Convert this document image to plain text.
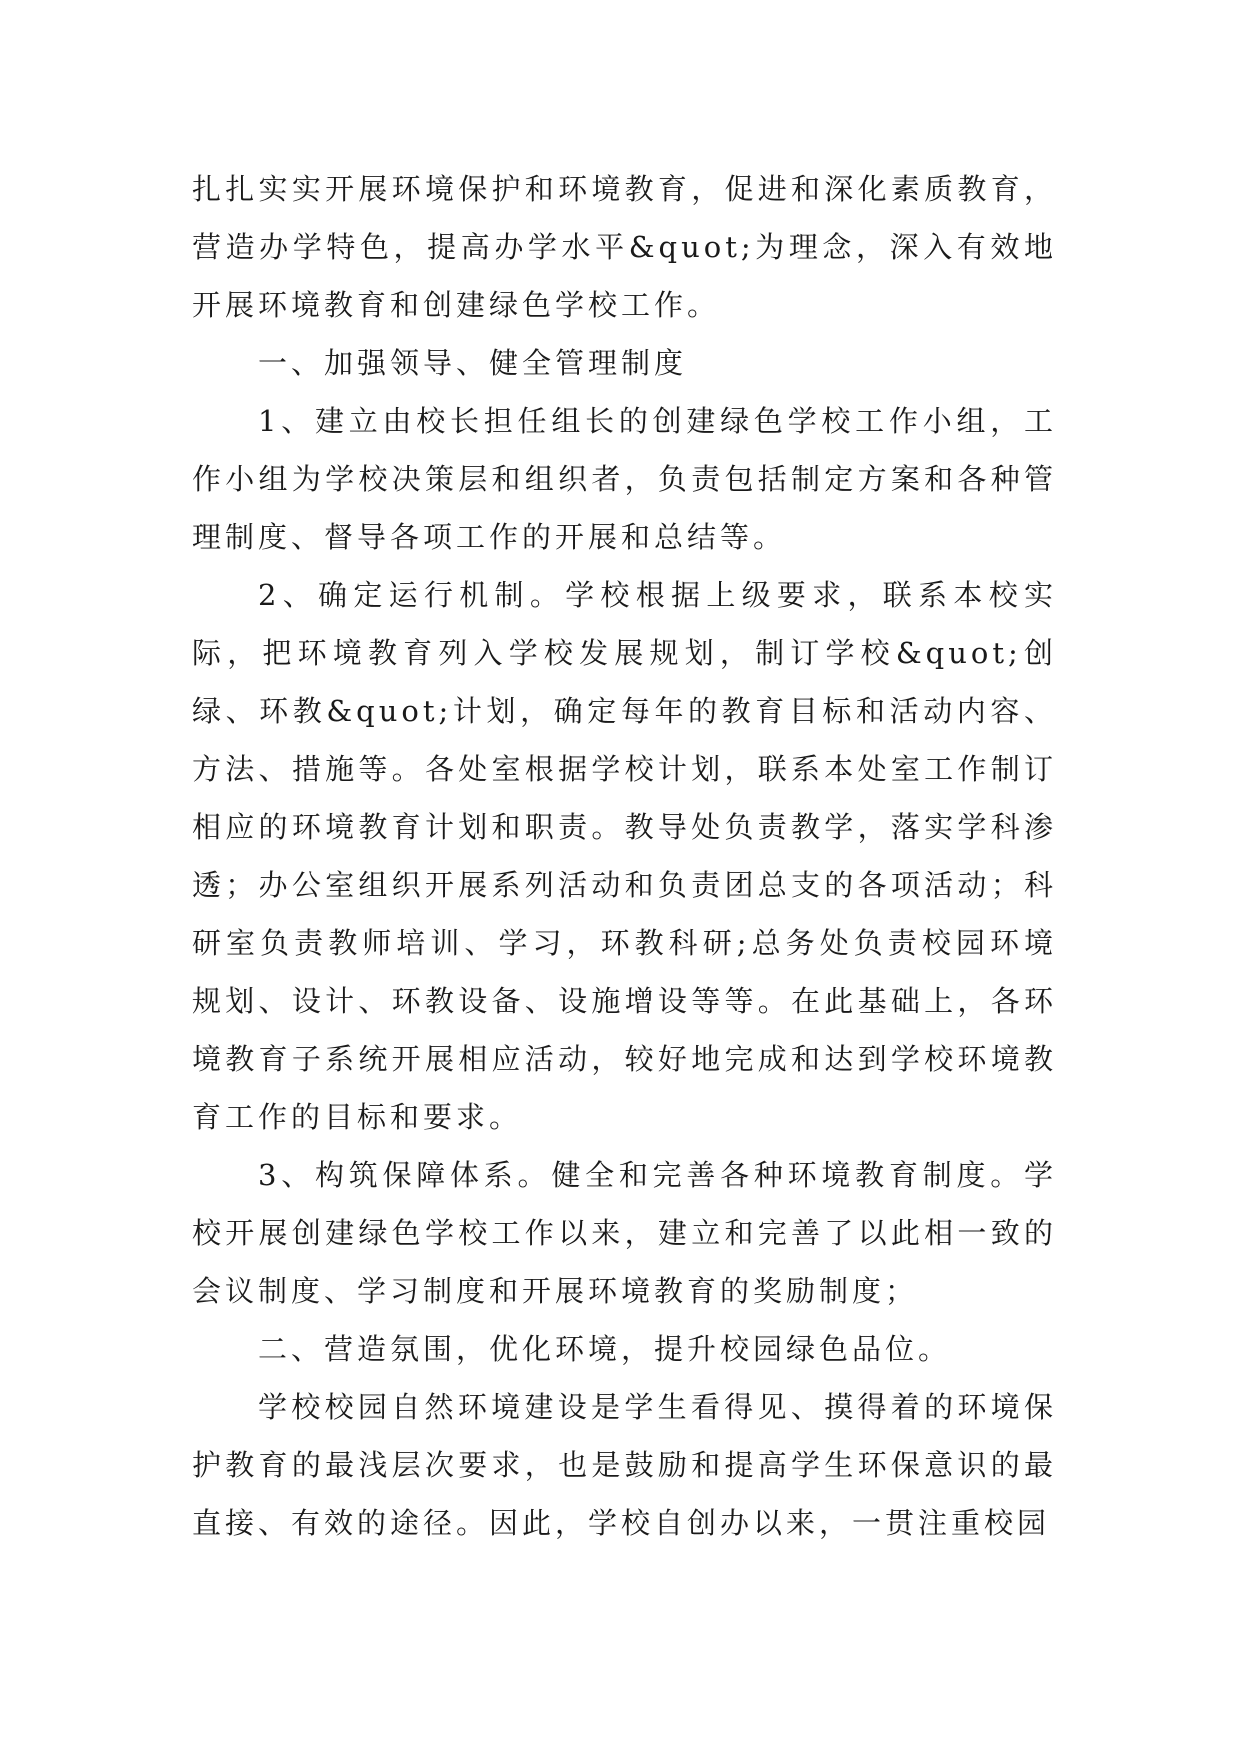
扎扎实实开展环境保护和环境教育，促进和深化素质教育，营造办学特色，提高办学水平&quot;为理念，深入有效地开展环境教育和创建绿色学校工作。

一、加强领导、健全管理制度

1、建立由校长担任组长的创建绿色学校工作小组，工作小组为学校决策层和组织者，负责包括制定方案和各种管理制度、督导各项工作的开展和总结等。

2、确定运行机制。学校根据上级要求，联系本校实际，把环境教育列入学校发展规划，制订学校&quot;创绿、环教&quot;计划，确定每年的教育目标和活动内容、方法、措施等。各处室根据学校计划，联系本处室工作制订相应的环境教育计划和职责。教导处负责教学，落实学科渗透；办公室组织开展系列活动和负责团总支的各项活动；科研室负责教师培训、学习，环教科研;总务处负责校园环境规划、设计、环教设备、设施增设等等。在此基础上，各环境教育子系统开展相应活动，较好地完成和达到学校环境教育工作的目标和要求。

3、构筑保障体系。健全和完善各种环境教育制度。学校开展创建绿色学校工作以来，建立和完善了以此相一致的会议制度、学习制度和开展环境教育的奖励制度；

二、营造氛围，优化环境，提升校园绿色品位。

学校校园自然环境建设是学生看得见、摸得着的环境保护教育的最浅层次要求，也是鼓励和提高学生环保意识的最直接、有效的途径。因此，学校自创办以来，一贯注重校园
